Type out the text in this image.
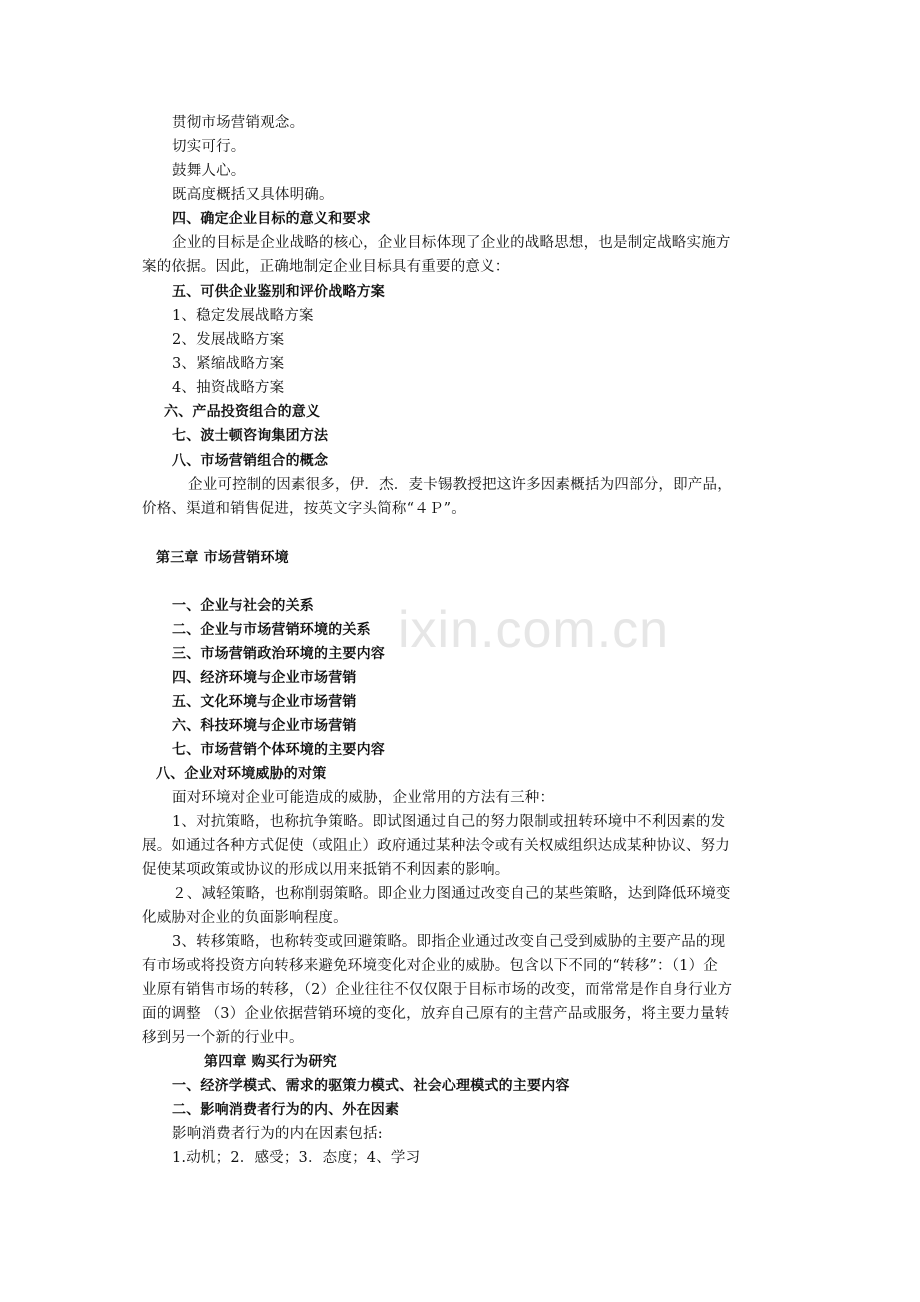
ixin.com.cn
贯彻市场营销观念。
切实可行。
鼓舞人心。
既高度概括又具体明确。
四、确定企业目标的意义和要求
企业的目标是企业战略的核心，企业目标体现了企业的战略思想，也是制定战略实施方
案的依据。因此，正确地制定企业目标具有重要的意义：
五、可供企业鉴别和评价战略方案
1、稳定发展战略方案
2、发展战略方案
3、紧缩战略方案
4、抽资战略方案
六、产品投资组合的意义
七、波士顿咨询集团方法
八、市场营销组合的概念
企业可控制的因素很多，伊．杰．麦卡锡教授把这许多因素概括为四部分，即产品，
价格、渠道和销售促进，按英文字头简称“４Ｐ”。
第三章 市场营销环境
一、企业与社会的关系
二、企业与市场营销环境的关系
三、市场营销政治环境的主要内容
四、经济环境与企业市场营销
五、文化环境与企业市场营销
六、科技环境与企业市场营销
七、市场营销个体环境的主要内容
八、企业对环境威胁的对策
面对环境对企业可能造成的威胁，企业常用的方法有三种：
1、对抗策略，也称抗争策略。即试图通过自己的努力限制或扭转环境中不利因素的发
展。如通过各种方式促使（或阻止）政府通过某种法令或有关权威组织达成某种协议、努力
促使某项政策或协议的形成以用来抵销不利因素的影响。
２、减轻策略，也称削弱策略。即企业力图通过改变自己的某些策略，达到降低环境变
化威胁对企业的负面影响程度。
3、转移策略，也称转变或回避策略。即指企业通过改变自己受到威胁的主要产品的现
有市场或将投资方向转移来避免环境变化对企业的威胁。包含以下不同的“转移”：（1）企
业原有销售市场的转移，（2）企业往往不仅仅限于目标市场的改变，而常常是作自身行业方
面的调整 （3）企业依据营销环境的变化，放弃自己原有的主营产品或服务，将主要力量转
移到另一个新的行业中。
第四章 购买行为研究
一、经济学模式、需求的驱策力模式、社会心理模式的主要内容
二、影响消费者行为的内、外在因素
影响消费者行为的内在因素包括:
1.动机；2．感受；3．态度；4、学习
